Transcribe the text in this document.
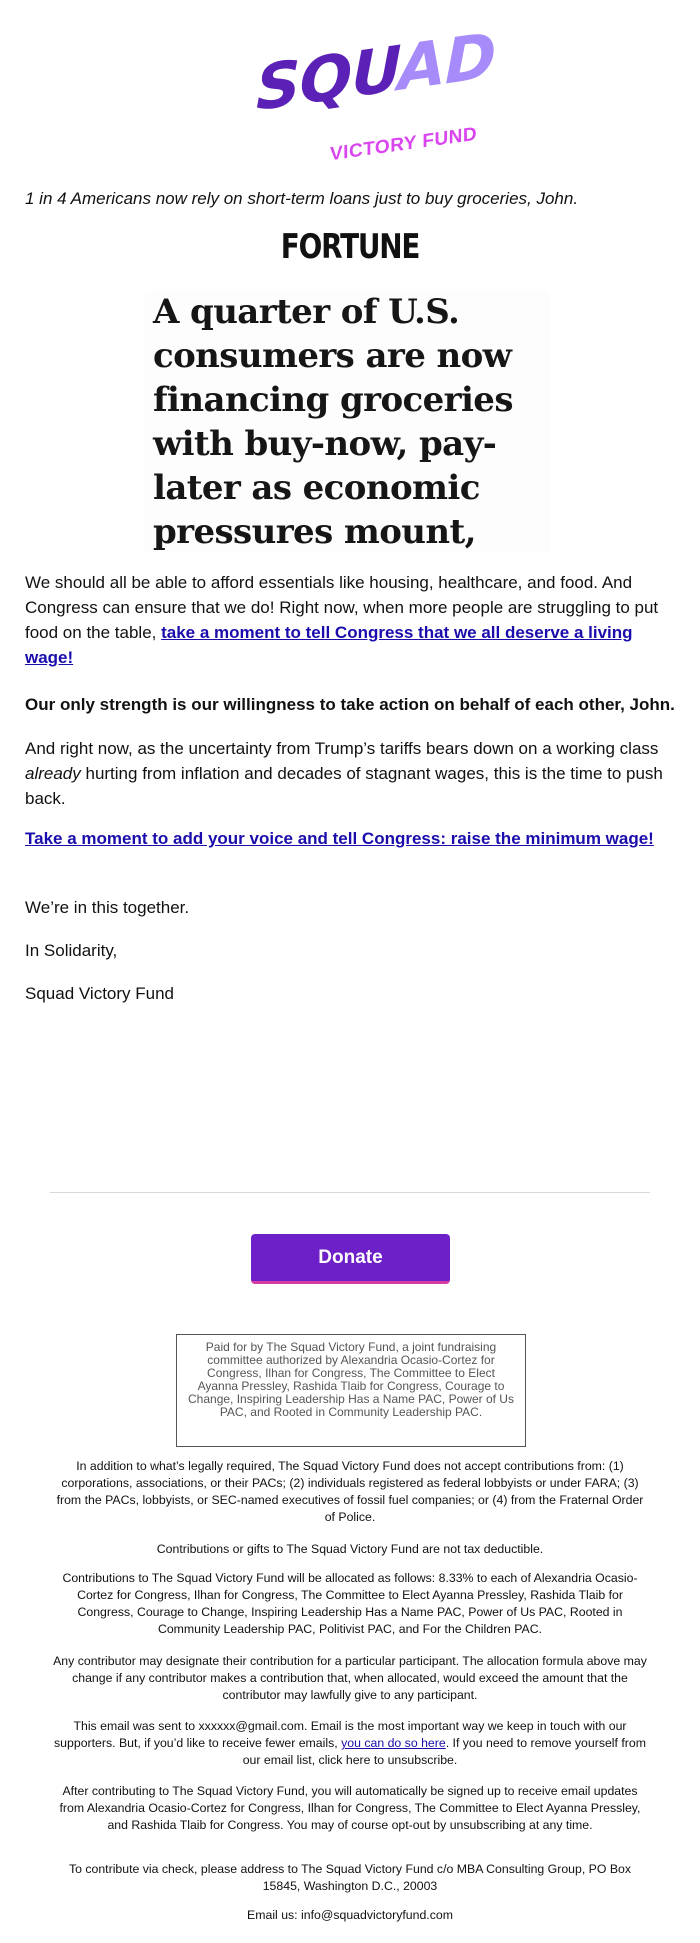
SQUAD
VICTORY FUND

1 in 4 Americans now rely on short-term loans just to buy groceries, John.

FORTUNE

A quarter of U.S. consumers are now financing groceries with buy-now, pay-later as economic pressures mount,

We should all be able to afford essentials like housing, healthcare, and food. And Congress can ensure that we do! Right now, when more people are struggling to put food on the table, take a moment to tell Congress that we all deserve a living wage!

Our only strength is our willingness to take action on behalf of each other, John.

And right now, as the uncertainty from Trump’s tariffs bears down on a working class already hurting from inflation and decades of stagnant wages, this is the time to push back.

Take a moment to add your voice and tell Congress: raise the minimum wage!

We’re in this together.

In Solidarity,

Squad Victory Fund

Donate
Paid for by The Squad Victory Fund, a joint fundraising committee authorized by Alexandria Ocasio-Cortez for Congress, Ilhan for Congress, The Committee to Elect Ayanna Pressley, Rashida Tlaib for Congress, Courage to Change, Inspiring Leadership Has a Name PAC, Power of Us PAC, and Rooted in Community Leadership PAC.

In addition to what’s legally required, The Squad Victory Fund does not accept contributions from: (1) corporations, associations, or their PACs; (2) individuals registered as federal lobbyists or under FARA; (3) from the PACs, lobbyists, or SEC-named executives of fossil fuel companies; or (4) from the Fraternal Order of Police.

Contributions or gifts to The Squad Victory Fund are not tax deductible.

Contributions to The Squad Victory Fund will be allocated as follows: 8.33% to each of Alexandria Ocasio-Cortez for Congress, Ilhan for Congress, The Committee to Elect Ayanna Pressley, Rashida Tlaib for Congress, Courage to Change, Inspiring Leadership Has a Name PAC, Power of Us PAC, Rooted in Community Leadership PAC, Politivist PAC, and For the Children PAC.

Any contributor may designate their contribution for a particular participant. The allocation formula above may change if any contributor makes a contribution that, when allocated, would exceed the amount that the contributor may lawfully give to any participant.

This email was sent to xxxxxx@gmail.com. Email is the most important way we keep in touch with our supporters. But, if you’d like to receive fewer emails, you can do so here. If you need to remove yourself from our email list, click here to unsubscribe.

After contributing to The Squad Victory Fund, you will automatically be signed up to receive email updates from Alexandria Ocasio-Cortez for Congress, Ilhan for Congress, The Committee to Elect Ayanna Pressley, and Rashida Tlaib for Congress. You may of course opt-out by unsubscribing at any time.

To contribute via check, please address to The Squad Victory Fund c/o MBA Consulting Group, PO Box 15845, Washington D.C., 20003

Email us: info@squadvictoryfund.com
